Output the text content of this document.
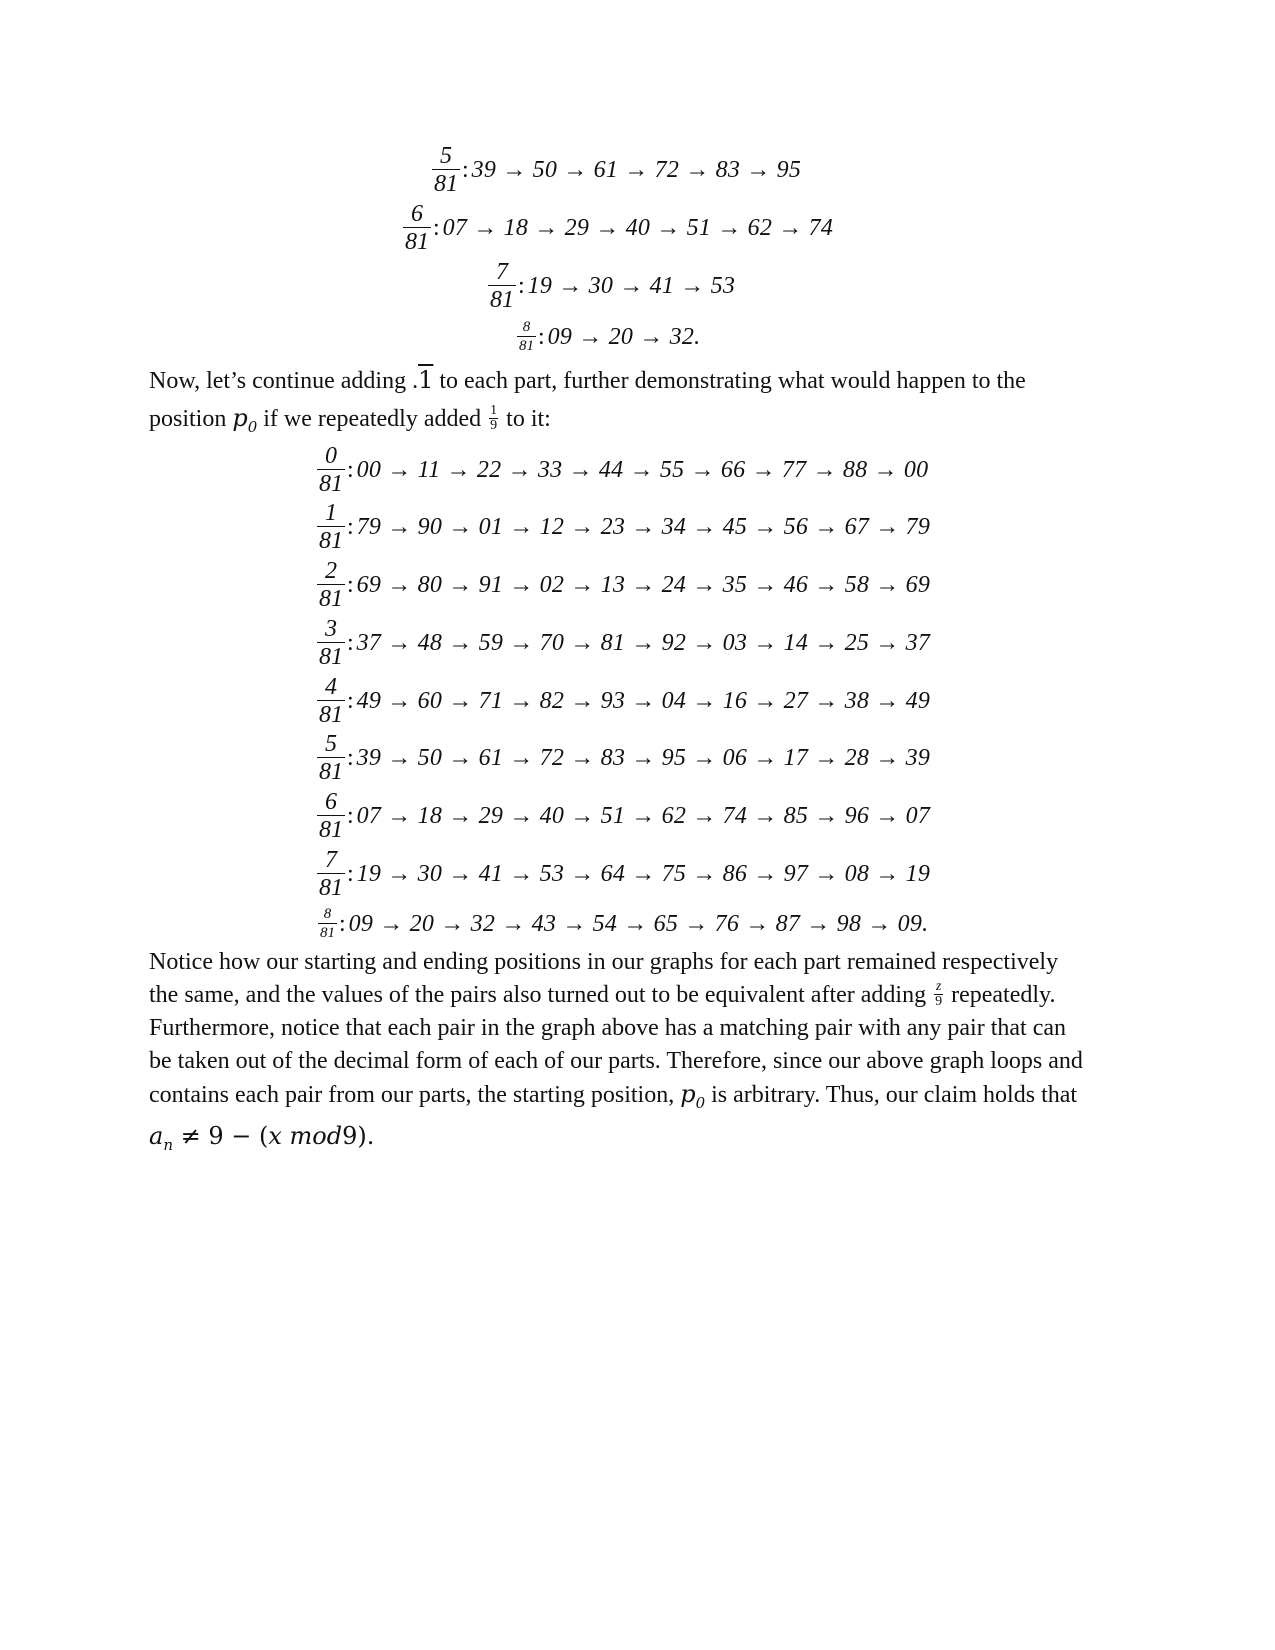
$\frac{5}{81}$ : 39 → 50 → 61 → 72 → 83 → 95
$\frac{6}{81}$ : 07 → 18 → 29 → 40 → 51 → 62 → 74
$\frac{7}{81}$ : 19 → 30 → 41 → 53
$\frac{8}{81}$ : 09 → 20 → 32.

Now, let’s continue adding .1 to each part, further demonstrating what would happen to the

position $p_0$ if we repeatedly added $\frac{1}{9}$ to it:

$\frac{0}{81}$ : 00 → 11 → 22 → 33 → 44 → 55 → 66 → 77 → 88 → 00
$\frac{1}{81}$ : 79 → 90 → 01 → 12 → 23 → 34 → 45 → 56 → 67 → 79
$\frac{2}{81}$ : 69 → 80 → 91 → 02 → 13 → 24 → 35 → 46 → 58 → 69
$\frac{3}{81}$ : 37 → 48 → 59 → 70 → 81 → 92 → 03 → 14 → 25 → 37
$\frac{4}{81}$ : 49 → 60 → 71 → 82 → 93 → 04 → 16 → 27 → 38 → 49
$\frac{5}{81}$ : 39 → 50 → 61 → 72 → 83 → 95 → 06 → 17 → 28 → 39
$\frac{6}{81}$ : 07 → 18 → 29 → 40 → 51 → 62 → 74 → 85 → 96 → 07
$\frac{7}{81}$ : 19 → 30 → 41 → 53 → 64 → 75 → 86 → 97 → 08 → 19
$\frac{8}{81}$ : 09 → 20 → 32 → 43 → 54 → 65 → 76 → 87 → 98 → 09.

Notice how our starting and ending positions in our graphs for each part remained respectively

the same, and the values of the pairs also turned out to be equivalent after adding $\frac{z}{9}$ repeatedly.

Furthermore, notice that each pair in the graph above has a matching pair with any pair that can

be taken out of the decimal form of each of our parts. Therefore, since our above graph loops and

contains each pair from our parts, the starting position, $p_0$ is arbitrary. Thus, our claim holds that

$a_n \ne 9 - (x$ mod9).
